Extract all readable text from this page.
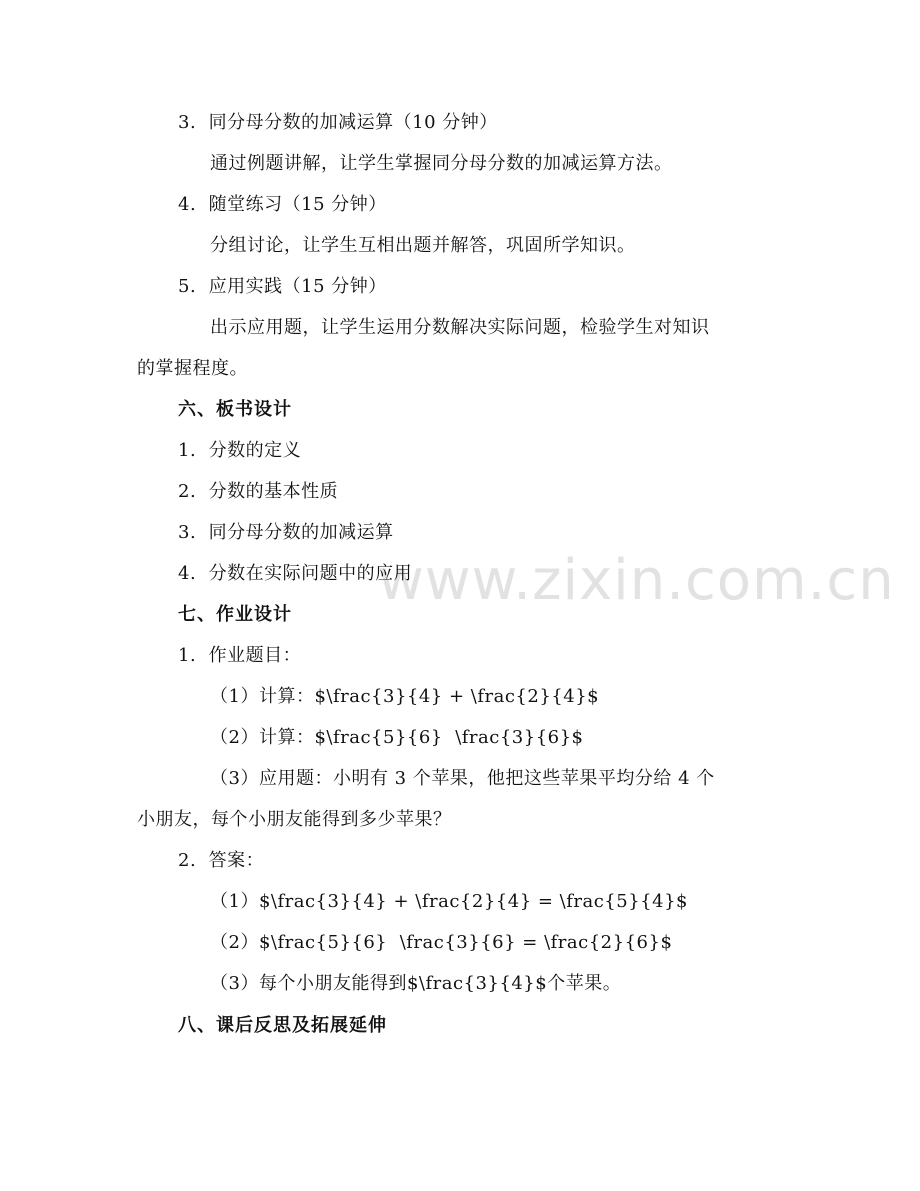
www.zixin.com.cn
3.  同分母分数的加减运算（10 分钟）
通过例题讲解，让学生掌握同分母分数的加减运算方法。
4.  随堂练习（15 分钟）
分组讨论，让学生互相出题并解答，巩固所学知识。
5.  应用实践（15 分钟）
出示应用题，让学生运用分数解决实际问题，检验学生对知识
的掌握程度。
六、板书设计
1.  分数的定义
2.  分数的基本性质
3.  同分母分数的加减运算
4.  分数在实际问题中的应用
七、作业设计
1.  作业题目：
（1）计算：$\frac{3}{4} + \frac{2}{4}$
（2）计算：$\frac{5}{6}  \frac{3}{6}$
（3）应用题：小明有 3 个苹果，他把这些苹果平均分给 4 个
小朋友，每个小朋友能得到多少苹果？
2.  答案：
（1）$\frac{3}{4} + \frac{2}{4} = \frac{5}{4}$
（2）$\frac{5}{6}  \frac{3}{6} = \frac{2}{6}$
（3）每个小朋友能得到$\frac{3}{4}$个苹果。
八、课后反思及拓展延伸
